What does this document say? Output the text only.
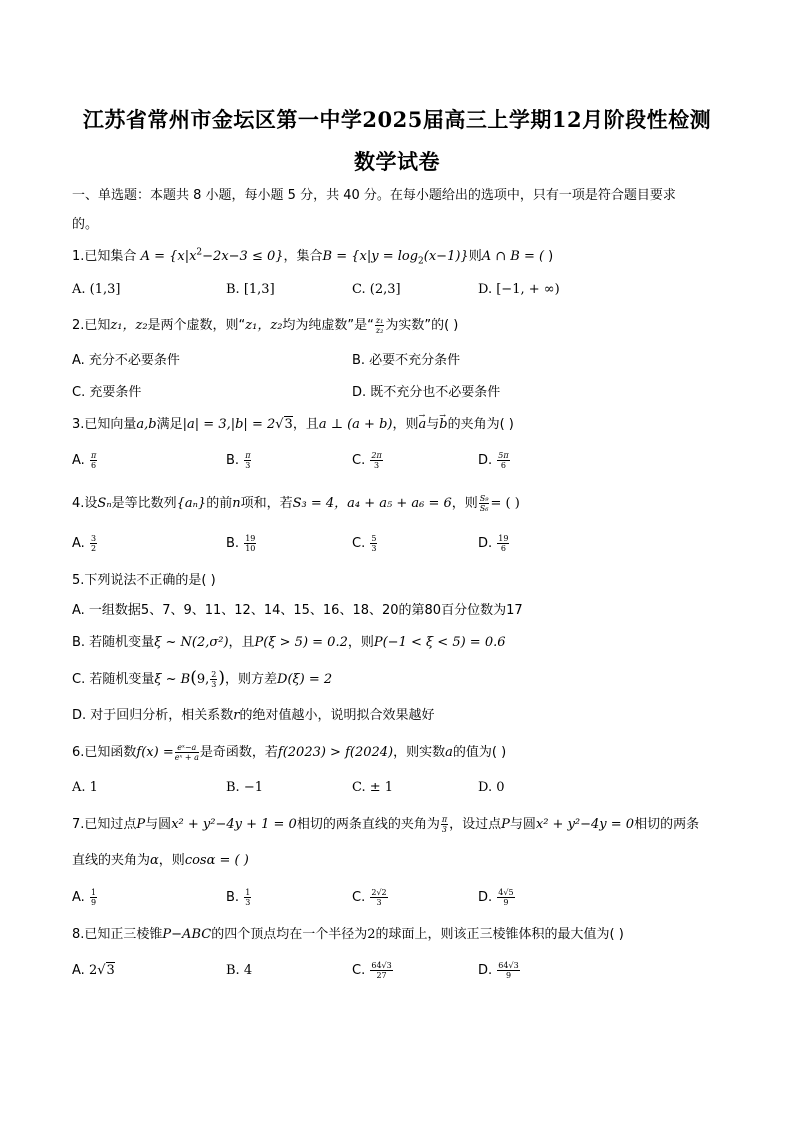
江苏省常州市金坛区第一中学2025届高三上学期12月阶段性检测
数学试卷
一、单选题：本题共 8 小题，每小题 5 分，共 40 分。在每小题给出的选项中，只有一项是符合题目要求
的。
1.已知集合 $A = \{x|x^2-2x-3 \le 0\}$，集合$B = \{x|y = \log_2(x-1)\}$则A ∩ B = ( )
A. (1,3]	B. [1,3]	C. (2,3]	D. [−1, + ∞)
2.已知z₁，z₂是两个虚数，则“z₁，z₂均为纯虚数”是“ $\frac{\text{z₁}}{\text{z₂}}$ 为实数”的( )
A. 充分不必要条件	B. 必要不充分条件
C. 充要条件	D. 既不充分也不必要条件
3.已知向量a,b满足|a| = 3,|b| = 2√3，且a ⊥ (a + b)，则→ a与→ b的夹角为( )
A. $\frac{\pi}{6}$	B. $\frac{\pi}{3}$	C. $\frac{2\pi}{3}$	D. $\frac{5\pi}{6}$
4.设Sₙ是等比数列{aₙ}的前n项和，若S₃ = 4，a₄ + a₅ + a₆ = 6，则 $\frac{\text{S₉}}{\text{S₆}}$ = ( )
A. $\frac{3}{2}$	B. $\frac{19}{10}$	C. $\frac{5}{3}$	D. $\frac{19}{6}$
5.下列说法不正确的是( )
A. 一组数据5、7、9、11、12、14、15、16、18、20的第80百分位数为17
B. 若随机变量ξ ~ N(2,σ²)，且P(ξ > 5) = 0.2，则P(−1 < ξ < 5) = 0.6
C. 若随机变量ξ ~ B(9, $\frac{2}{3}$ )，则方差D(ξ) = 2
D. 对于回归分析，相关系数r的绝对值越小，说明拟合效果越好
6.已知函数$f(x) = \frac{\text{eˣ−a}}{\text{eˣ + a}}$ 是奇函数，若f(2023) > f(2024)，则实数a的值为( )
A. 1	B. −1	C. ± 1	D. 0
7.已知过点P与圆x² + y²−4y + 1 = 0相切的两条直线的夹角为 $\frac{\pi}{3}$ ，设过点P与圆x² + y²−4y = 0相切的两条
直线的夹角为α，则cosα = ( )
A. $\frac{1}{9}$	B. $\frac{1}{3}$	C. $\frac{2√2}{3}$	D. $\frac{4√5}{9}$
8.已知正三棱锥P−ABC的四个顶点均在一个半径为2的球面上，则该正三棱锥体积的最大值为( )
A. 2√3	B. 4	C. $\frac{64√3}{27}$	D. $\frac{64√3}{9}$
